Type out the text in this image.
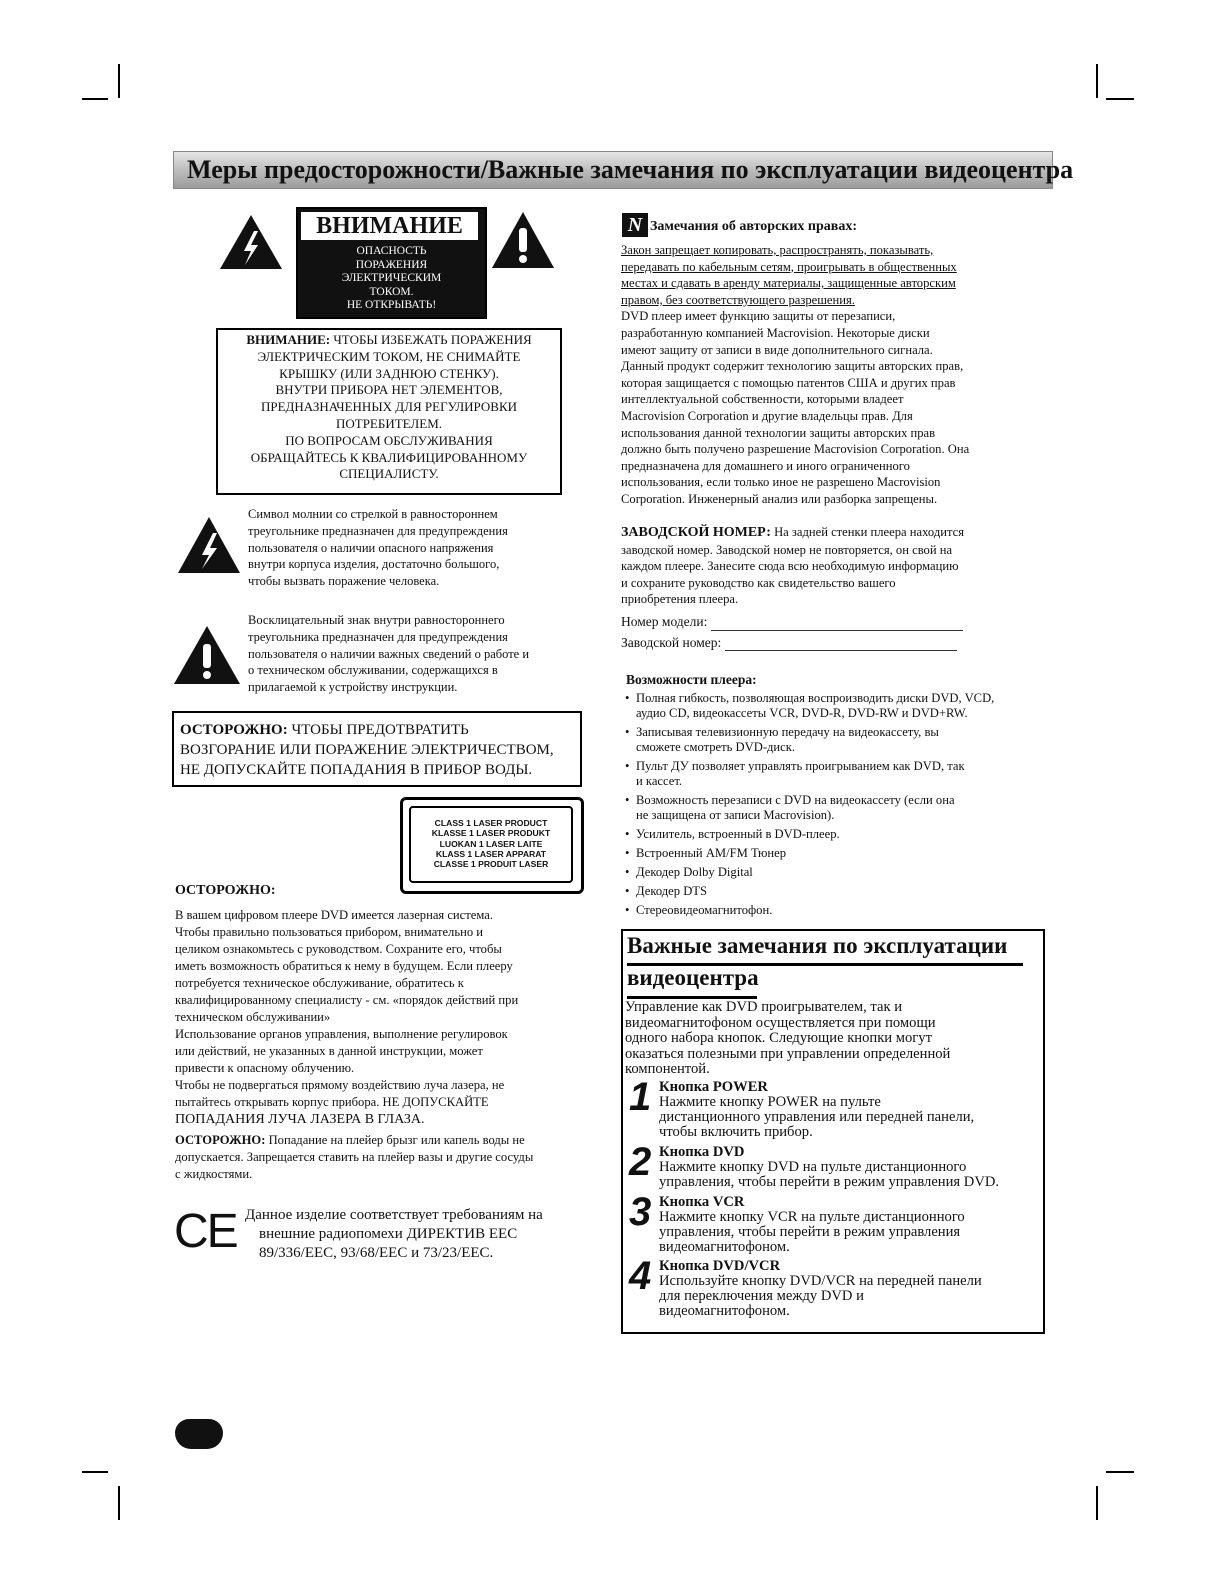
Меры предосторожности/Важные замечания по эксплуатации видеоцентра
ВНИМАНИЕ
ОПАСНОСТЬ
ПОРАЖЕНИЯ
ЭЛЕКТРИЧЕСКИМ
ТОКОМ.
НЕ ОТКРЫВАТЬ!
ВНИМАНИЕ: ЧТОБЫ ИЗБЕЖАТЬ ПОРАЖЕНИЯ
ЭЛЕКТРИЧЕСКИМ ТОКОМ, НЕ СНИМАЙТЕ
КРЫШКУ (ИЛИ ЗАДНЮЮ СТЕНКУ).
ВНУТРИ ПРИБОРА НЕТ ЭЛЕМЕНТОВ,
ПРЕДНАЗНАЧЕННЫХ ДЛЯ РЕГУЛИРОВКИ
ПОТРЕБИТЕЛЕМ.
ПО ВОПРОСАМ ОБСЛУЖИВАНИЯ
ОБРАЩАЙТЕСЬ К КВАЛИФИЦИРОВАННОМУ
СПЕЦИАЛИСТУ.
Символ молнии со стрелкой в равностороннем
треугольнике предназначен для предупреждения
пользователя о наличии опасного напряжения
внутри корпуса изделия, достаточно большого,
чтобы вызвать поражение человека.
Восклицательный знак внутри равностороннего
треугольника предназначен для предупреждения
пользователя о наличии важных сведений о работе и
о техническом обслуживании, содержащихся в
прилагаемой к устройству инструкции.
ОСТОРОЖНО: ЧТОБЫ ПРЕДОТВРАТИТЬ
ВОЗГОРАНИЕ ИЛИ ПОРАЖЕНИЕ ЭЛЕКТРИЧЕСТВОМ,
НЕ ДОПУСКАЙТЕ ПОПАДАНИЯ В ПРИБОР ВОДЫ.
CLASS 1 LASER PRODUCT
KLASSE 1 LASER PRODUKT
LUOKAN 1 LASER LAITE
KLASS 1 LASER APPARAT
CLASSE 1 PRODUIT LASER
ОСТОРОЖНО:
В вашем цифровом плеере DVD имеется лазерная система.
Чтобы правильно пользоваться прибором, внимательно и
целиком ознакомьтесь с руководством. Сохраните его, чтобы
иметь возможность обратиться к нему в будущем. Если плееру
потребуется техническое обслуживание, обратитесь к
квалифицированному специалисту - см. «порядок действий при
техническом обслуживании»
Использование органов управления, выполнение регулировок
или действий, не указанных в данной инструкции, может
привести к опасному облучению.
Чтобы не подвергаться прямому воздействию луча лазера, не
пытайтесь открывать корпус прибора. НЕ ДОПУСКАЙТЕ
ПОПАДАНИЯ ЛУЧА ЛАЗЕРА В ГЛАЗА.
ОСТОРОЖНО: Попадание на плейер брызг или капель воды не
допускается. Запрещается ставить на плейер вазы и другие сосуды
с жидкостями.
CE Данное изделие соответствует требованиям на
внешние радиопомехи ДИРЕКТИВ ЕЕС
89/336/EEC, 93/68/EEC и 73/23/EEC.
N Замечания об авторских правах:
Закон запрещает копировать, распространять, показывать,
передавать по кабельным сетям, проигрывать в общественных
местах и сдавать в аренду материалы, защищенные авторским
правом, без соответствующего разрешения.
DVD плеер имеет функцию защиты от перезаписи,
разработанную компанией Macrovision. Некоторые диски
имеют защиту от записи в виде дополнительного сигнала.
Данный продукт содержит технологию защиты авторских прав,
которая защищается с помощью патентов США и других прав
интеллектуальной собственности, которыми владеет
Macrovision Corporation и другие владельцы прав. Для
использования данной технологии защиты авторских прав
должно быть получено разрешение Macrovision Corporation. Она
предназначена для домашнего и иного ограниченного
использования, если только иное не разрешено Macrovision
Corporation. Инженерный анализ или разборка запрещены.
ЗАВОДСКОЙ НОМЕР: На задней стенки плеера находится
заводской номер. Заводской номер не повторяется, он свой на
каждом плеере. Занесите сюда всю необходимую информацию
и сохраните руководство как свидетельство вашего
приобретения плеера.
Номер модели:
Заводской номер:
Возможности плеера:
• Полная гибкость, позволяющая воспроизводить диски DVD, VCD,
аудио CD, видеокассеты VCR, DVD-R, DVD-RW и DVD+RW.
• Записывая телевизионную передачу на видеокассету, вы
сможете смотреть DVD-диск.
• Пульт ДУ позволяет управлять проигрыванием как DVD, так
и кассет.
• Возможность перезаписи с DVD на видеокассету (если она
не защищена от записи Macrovision).
• Усилитель, встроенный в DVD-плеер.
• Встроенный AM/FM Тюнер
• Декодер Dolby Digital
• Декодер DTS
• Стереовидеомагнитофон.
Важные замечания по эксплуатации
видеоцентра
Управление как DVD проигрывателем, так и
видеомагнитофоном осуществляется при помощи
одного набора кнопок. Следующие кнопки могут
оказаться полезными при управлении определенной
компонентой.
1 Кнопка POWER
Нажмите кнопку POWER на пульте
дистанционного управления или передней панели,
чтобы включить прибор.
2 Кнопка DVD
Нажмите кнопку DVD на пульте дистанционного
управления, чтобы перейти в режим управления DVD.
3 Кнопка VCR
Нажмите кнопку VCR на пульте дистанционного
управления, чтобы перейти в режим управления
видеомагнитофоном.
4 Кнопка DVD/VCR
Используйте кнопку DVD/VCR на передней панели
для переключения между DVD и
видеомагнитофоном.
